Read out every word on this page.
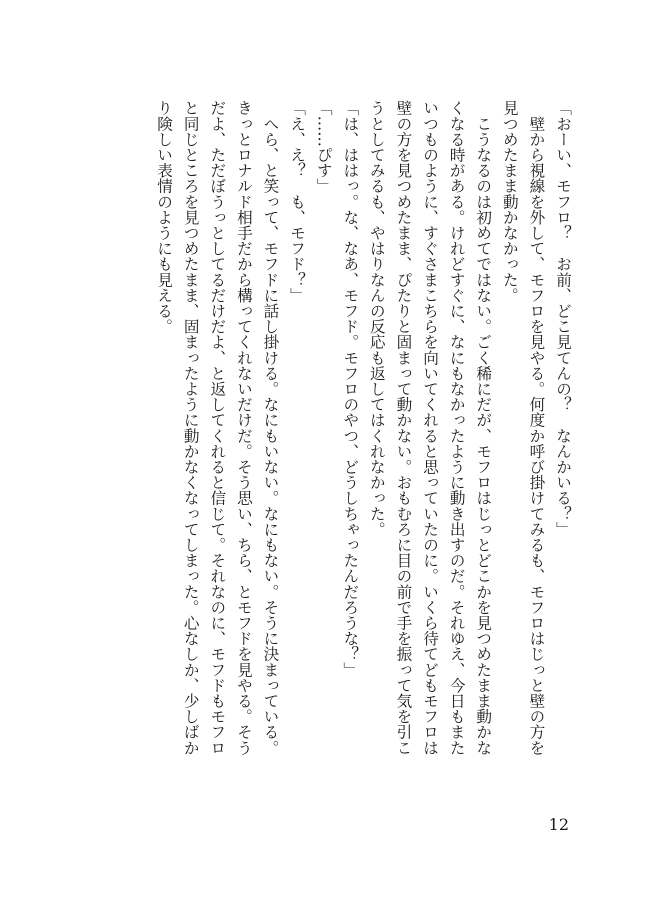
「おーい、モフロ？　お前、どこ見てんの？　なんかいる？」

　壁から視線を外して、モフロを見やる。何度か呼び掛けてみるも、モフロはじっと壁の方を

見つめたまま動かなかった。

　こうなるのは初めてではない。ごく稀にだが、モフロはじっとどこかを見つめたまま動かな

くなる時がある。けれどすぐに、なにもなかったように動き出すのだ。それゆえ、今日もまた

いつものように、すぐさまこちらを向いてくれると思っていたのに。いくら待てどもモフロは

壁の方を見つめたまま、ぴたりと固まって動かない。おもむろに目の前で手を振って気を引こ

うとしてみるも、やはりなんの反応も返してはくれなかった。

「は、ははっ。な、なあ、モフド。モフロのやつ、どうしちゃったんだろうな？」

「……ぴす」

「え、え？　も、モフド？」

　へら、と笑って、モフドに話し掛ける。なにもいない。なにもない。そうに決まっている。

きっとロナルド相手だから構ってくれないだけだ。そう思い、ちら、とモフドを見やる。そう

だよ、ただぼうっとしてるだけだよ、と返してくれると信じて。それなのに、モフドもモフロ

と同じところを見つめたまま、固まったように動かなくなってしまった。心なしか、少しばか

り険しい表情のようにも見える。

12
